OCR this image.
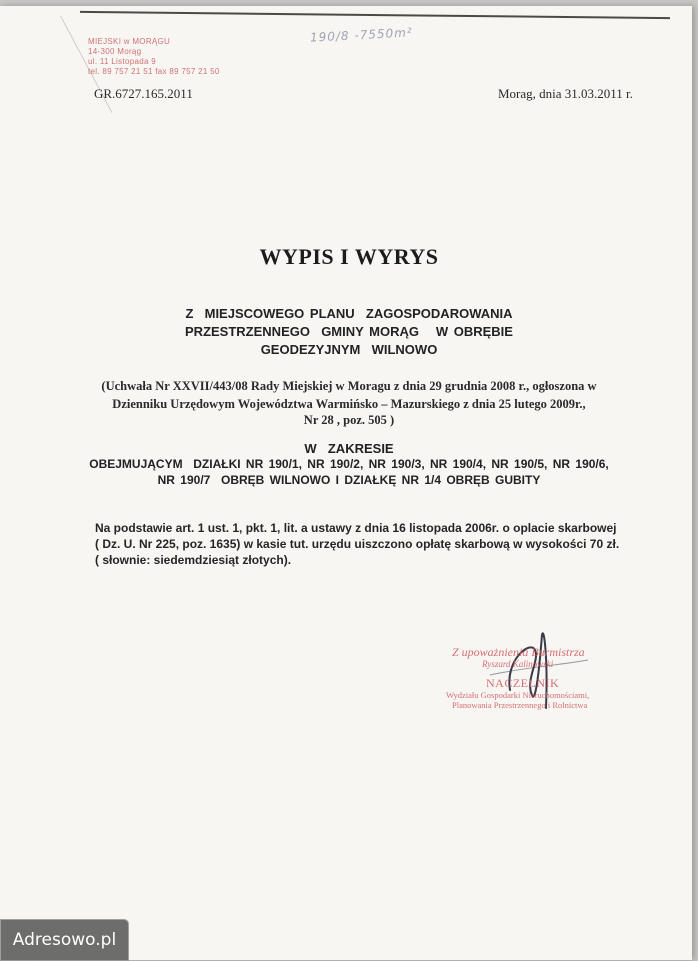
MIEJSKI w MORĄGU
14-300 Morąg
ul. 11 Listopada 9
tel. 89 757 21 51 fax 89 757 21 50
190/8 -7550m²
GR.6727.165.2011	Morag, dnia 31.03.2011 r.
WYPIS I WYRYS
Z  MIEJSCOWEGO PLANU  ZAGOSPODAROWANIA
PRZESTRZENNEGO  GMINY MORĄG   W OBRĘBIE
GEODEZYJNYM  WILNOWO
(Uchwała Nr XXVII/443/08 Rady Miejskiej w Moragu z dnia 29 grudnia 2008 r., ogłoszona w
Dzienniku Urzędowym Województwa Warmińsko – Mazurskiego z dnia 25 lutego 2009r.,
Nr 28 , poz. 505 )
W  ZAKRESIE
OBEJMUJĄCYM  DZIAŁKI NR 190/1, NR 190/2, NR 190/3, NR 190/4, NR 190/5, NR 190/6,
NR 190/7  OBRĘB WILNOWO I DZIAŁKĘ NR 1/4 OBRĘB GUBITY
Na podstawie art. 1 ust. 1, pkt. 1, lit. a ustawy z dnia 16 listopada 2006r. o oplacie skarbowej
( Dz. U. Nr 225, poz. 1635) w kasie tut. urzędu uiszczono opłatę skarbową w wysokości 70 zł.
( słownie: siedemdziesiąt złotych).
Z upoważnienia Burmistrza
Ryszard Kalinowski
NACZELNIK
Wydziału Gospodarki Nieruchomościami,
Planowania Przestrzennego i Rolnictwa
Adresowo.pl
